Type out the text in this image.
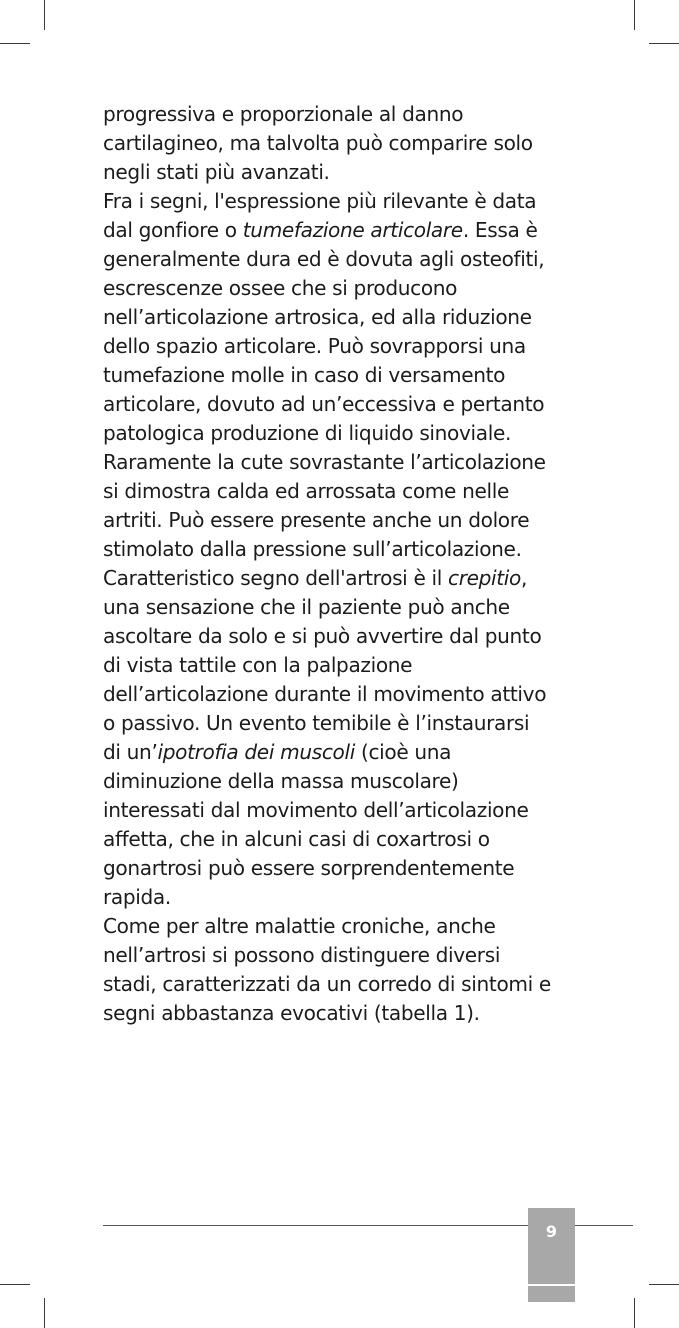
progressiva e proporzionale al danno
cartilagineo, ma talvolta può comparire solo
negli stati più avanzati.
Fra i segni, l'espressione più rilevante è data
dal gonfiore o tumefazione articolare. Essa è
generalmente dura ed è dovuta agli osteofiti,
escrescenze ossee che si producono
nell’articolazione artrosica, ed alla riduzione
dello spazio articolare. Può sovrapporsi una
tumefazione molle in caso di versamento
articolare, dovuto ad un’eccessiva e pertanto
patologica produzione di liquido sinoviale.
Raramente la cute sovrastante l’articolazione
si dimostra calda ed arrossata come nelle
artriti. Può essere presente anche un dolore
stimolato dalla pressione sull’articolazione.
Caratteristico segno dell'artrosi è il crepitio,
una sensazione che il paziente può anche
ascoltare da solo e si può avvertire dal punto
di vista tattile con la palpazione
dell’articolazione durante il movimento attivo
o passivo. Un evento temibile è l’instaurarsi
di un’ipotrofia dei muscoli (cioè una
diminuzione della massa muscolare)
interessati dal movimento dell’articolazione
affetta, che in alcuni casi di coxartrosi o
gonartrosi può essere sorprendentemente
rapida.
Come per altre malattie croniche, anche
nell’artrosi si possono distinguere diversi
stadi, caratterizzati da un corredo di sintomi e
segni abbastanza evocativi (tabella 1).
9
